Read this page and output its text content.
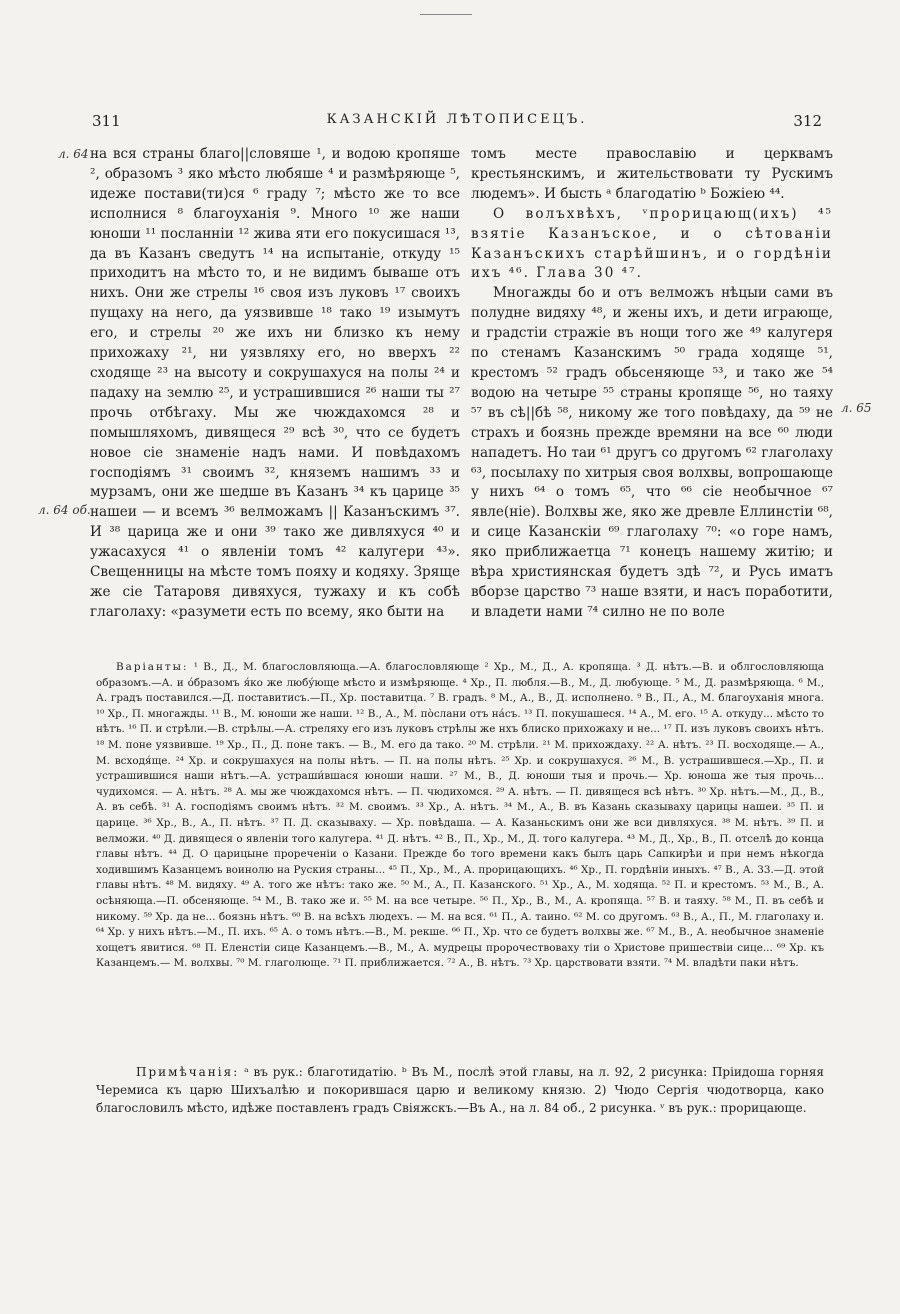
311	КАЗАНСКІЙ ЛѢТОПИСЕЦЪ.	312
л. 64
л. 64 об.
л. 65

на вся страны благо||словяше ¹, и водою кропяше ², образомъ ³ яко мѣсто любяше ⁴ и размѣряюще ⁵, идеже постави(ти)ся ⁶ граду ⁷; мѣсто же то все исполнися ⁸ благоуханія ⁹. Много ¹⁰ же наши юноши ¹¹ посланніи ¹² жива яти его покусишася ¹³, да въ Казанъ сведутъ ¹⁴ на испытаніе, откуду ¹⁵ приходитъ на мѣсто то, и не видимъ бываше отъ нихъ. Они же стрелы ¹⁶ своя изъ луковъ ¹⁷ своихъ пущаху на него, да уязвивше ¹⁸ тако ¹⁹ изымутъ его, и стрелы ²⁰ же ихъ ни близко къ нему прихожаху ²¹, ни уязвляху его, но вверхъ ²² сходяще ²³ на высоту и сокрушахуся на полы ²⁴ и падаху на землю ²⁵, и устрашившися ²⁶ наши ты ²⁷ прочь отбѣгаху. Мы же чюждахомся ²⁸ и помышляхомъ, дивящеся ²⁹ всѣ ³⁰, что се будетъ новое сіе знаменіе надъ нами. И повѣдахомъ господіямъ ³¹ своимъ ³², княземъ нашимъ ³³ и мурзамъ, они же шедше въ Казанъ ³⁴ къ царице ³⁵ нашеи — и всемъ ³⁶ велможамъ || Казанъскимъ ³⁷. И ³⁸ царица же и они ³⁹ тако же дивляхуся ⁴⁰ и ужасахуся ⁴¹ о явленіи томъ ⁴² калугери ⁴³». Свещенницы на мѣсте томъ пояху и кодяху. Зряще же сіе Татаровя дивяхуся, тужаху и къ собѣ глаголаху: «разумети есть по всему, яко быти на

томъ месте православію и церквамъ крестьянскимъ, и жительствовати ту Рускимъ людемъ». И бысть ᵃ благодатію ᵇ Божіею ⁴⁴.

О волъхвѣхъ, ᵛпрорицающ(ихъ) ⁴⁵ взятіе Казанъское, и о сѣтованіи Казанъскихъ старѣйшинъ, и о гордѣніи ихъ ⁴⁶. Глава 30 ⁴⁷.

Многажды бо и отъ велможъ нѣцыи сами въ полудне видяху ⁴⁸, и жены ихъ, и дети играюще, и градстіи стражіе въ нощи того же ⁴⁹ калугеря по стенамъ Казанскимъ ⁵⁰ града ходяще ⁵¹, крестомъ ⁵² градъ обьсеняюще ⁵³, и тако же ⁵⁴ водою на четыре ⁵⁵ страны кропяще ⁵⁶, но таяху ⁵⁷ въ сѣ||бѣ ⁵⁸, никому же того повѣдаху, да ⁵⁹ не страхъ и боязнь прежде времяни на все ⁶⁰ люди нападетъ. Но таи ⁶¹ другъ со другомъ ⁶² глаголаху ⁶³, посылаху по хитрыя своя волхвы, вопрошающе у нихъ ⁶⁴ о томъ ⁶⁵, что ⁶⁶ сіе необычное ⁶⁷ явле(ніе). Волхвы же, яко же древле Еллинстіи ⁶⁸, и сице Казанскіи ⁶⁹ глаголаху ⁷⁰: «о горе намъ, яко приближаетца ⁷¹ конецъ нашему житію; и вѣра християнская будетъ здѣ ⁷², и Русь иматъ вборзе царство ⁷³ наше взяти, и насъ поработити, и владети нами ⁷⁴ силно не по воле

Варіанты: ¹ В., Д., М. благословляюща.—А. благословляюще ² Хр., М., Д., А. кропяща. ³ Д. нѣтъ.—В. и облгословляюща образомъ.—А. и óбразомъ я́ко же любу́юще мѣсто и измѣряюще. ⁴ Хр., П. любля.—В., М., Д. любующе. ⁵ М., Д. размѣряюща. ⁶ М., А. градъ поставился.—Д. поставитисъ.—П., Хр. поставитца. ⁷ В. градъ. ⁸ М., А., В., Д. исполнено. ⁹ В., П., А., М. благоуханія многа. ¹⁰ Хр., П. многажды. ¹¹ В., М. юноши же наши. ¹² В., А., М. пòслани отъ на́съ. ¹³ П. покушашеся. ¹⁴ А., М. его. ¹⁵ А. откуду... мѣсто то нѣтъ. ¹⁶ П. и стрѣли.—В. стрѣлы.—А. стреляху его изъ луковъ стрѣлы же нхъ блиско прихожаху и не... ¹⁷ П. изъ луковъ своихъ нѣтъ. ¹⁸ М. поне уязвивше. ¹⁹ Хр., П., Д. поне такъ. — В., М. его да тако. ²⁰ М. стрѣли. ²¹ М. прихождаху. ²² А. нѣтъ. ²³ П. восходяще.— А., М. всходя́ще. ²⁴ Хр. и сокрушахуся на полы нѣтъ. — П. на полы нѣтъ. ²⁵ Хр. и сокрушахуся. ²⁶ М., В. устрашившеся.—Хр., П. и устрашившися наши нѣтъ.—А. устраши́вшася юноши наши. ²⁷ М., В., Д. юноши тыя и прочь.— Хр. юноша же тыя прочь... чудихомся. — А. нѣтъ. ²⁸ А. мы же чюждахомся нѣтъ. — П. чюдихомся. ²⁹ А. нѣтъ. — П. дивящеся всѣ нѣтъ. ³⁰ Хр. нѣтъ.—М., Д., В., А. въ себѣ. ³¹ А. господіямъ своимъ нѣтъ. ³² М. своимъ. ³³ Хр., А. нѣтъ. ³⁴ М., А., В. въ Казань сказываху царицы нашеи. ³⁵ П. и царице. ³⁶ Хр., В., А., П. нѣтъ. ³⁷ П. Д. сказываху. — Хр. повѣдаша. — А. Казаньскимъ они же вси дивляхуся. ³⁸ М. нѣтъ. ³⁹ П. и велможи. ⁴⁰ Д. дивящеся о явленіи того калугера. ⁴¹ Д. нѣтъ. ⁴² В., П., Хр., М., Д. того калугера. ⁴³ М., Д., Хр., В., П. отселѣ до конца главы нѣтъ. ⁴⁴ Д. О царицыне прореченіи о Казани. Прежде бо того времени какъ былъ царь Сапкирѣи и при немъ нѣкогда ходившимъ Казанцемъ воинолю на Руския страны... ⁴⁵ П., Хр., М., А. прорицающихъ. ⁴⁶ Хр., П. гордѣніи иныхъ. ⁴⁷ В., А. 33.—Д. этой главы нѣтъ. ⁴⁸ М. видяху. ⁴⁹ А. того же нѣтъ: тако же. ⁵⁰ М., А., П. Казанского. ⁵¹ Хр., А., М. ходяща. ⁵² П. и крестомъ. ⁵³ М., В., А. осѣняюща.—П. обсеняюще. ⁵⁴ М., В. тако же и. ⁵⁵ М. на все четыре. ⁵⁶ П., Хр., В., М., А. кропяща. ⁵⁷ В. и таяху. ⁵⁸ М., П. въ себѣ и никому. ⁵⁹ Хр. да не... боязнь нѣтъ. ⁶⁰ В. на всѣхъ людехъ. — М. на вся. ⁶¹ П., А. таино. ⁶² М. со другомъ. ⁶³ В., А., П., М. глаголаху и. ⁶⁴ Хр. у нихъ нѣтъ.—М., П. ихъ. ⁶⁵ А. о томъ нѣтъ.—В., М. рекше. ⁶⁶ П., Хр. что се будетъ волхвы же. ⁶⁷ М., В., А. необычное знаменіе хощетъ явитися. ⁶⁸ П. Еленстіи сице Казанцемъ.—В., М., А. мудрецы пророчествоваху тіи о Христове пришествіи сице... ⁶⁹ Хр. къ Казанцемъ.— М. волхвы. ⁷⁰ М. глаголюще. ⁷¹ П. приближается. ⁷² А., В. нѣтъ. ⁷³ Хр. царствовати взяти. ⁷⁴ М. владѣти паки нѣтъ.

Примѣчанія: ᵃ въ рук.: благотидатію. ᵇ Въ М., послѣ этой главы, на л. 92, 2 рисунка: Пріидоша горняя Черемиса къ царю Шихъалѣю и покорившася царю и великому князю. 2) Чюдо Сергія чюдотворца, како благословилъ мѣсто, идѣже поставленъ градъ Свіяжскъ.—Въ А., на л. 84 об., 2 рисунка. ᵛ въ рук.: прорицающе.
